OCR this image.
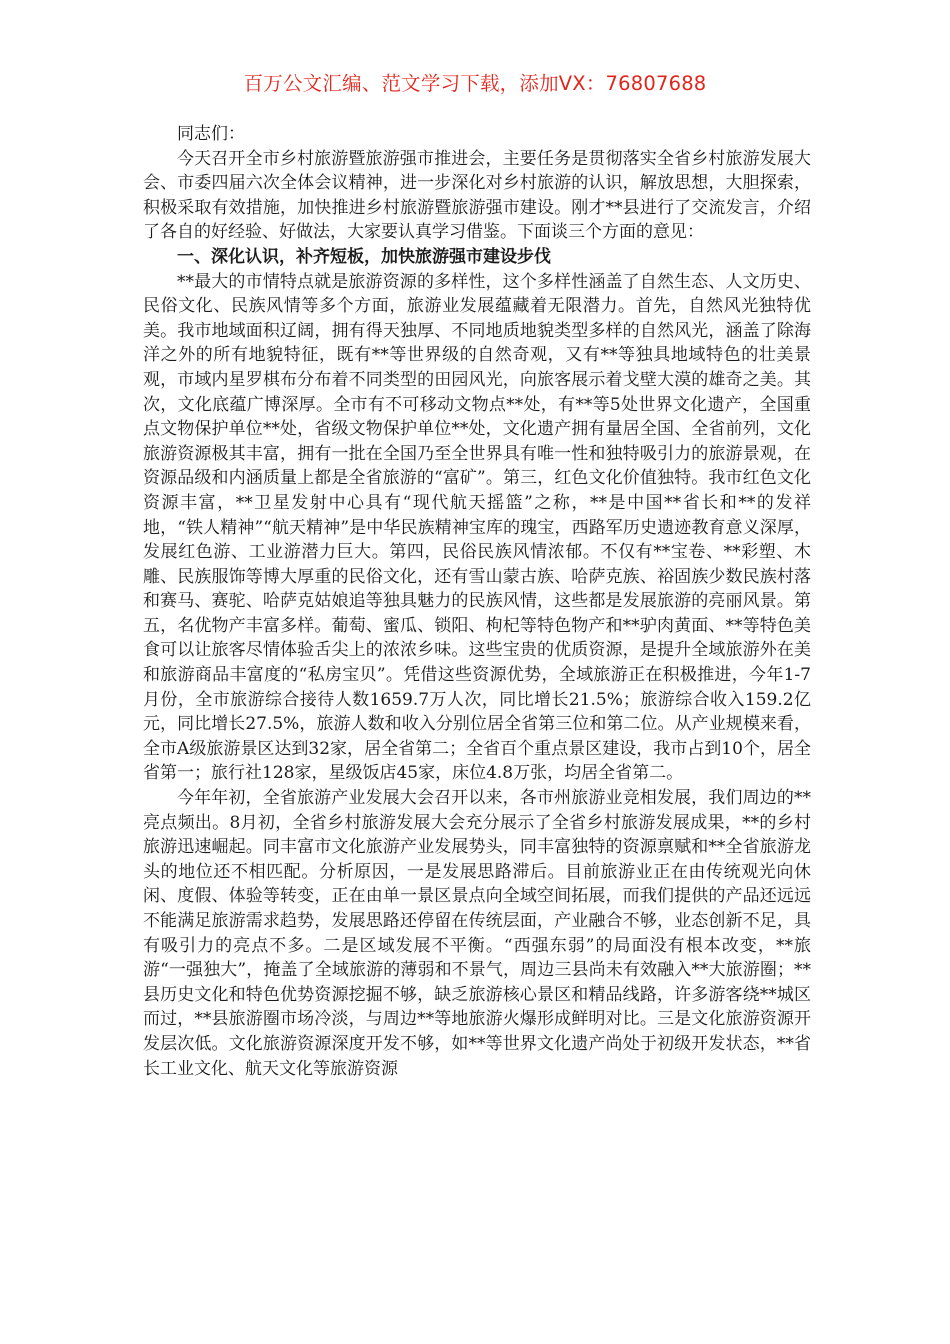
百万公文汇编、范文学习下载，添加VX：76807688

同志们：

今天召开全市乡村旅游暨旅游强市推进会，主要任务是贯彻落实全省乡村旅游发展大会、市委四届六次全体会议精神，进一步深化对乡村旅游的认识，解放思想，大胆探索，积极采取有效措施，加快推进乡村旅游暨旅游强市建设。刚才**县进行了交流发言，介绍了各自的好经验、好做法，大家要认真学习借鉴。下面谈三个方面的意见：

一、深化认识，补齐短板，加快旅游强市建设步伐

**最大的市情特点就是旅游资源的多样性，这个多样性涵盖了自然生态、人文历史、民俗文化、民族风情等多个方面，旅游业发展蕴藏着无限潜力。首先，自然风光独特优美。我市地域面积辽阔，拥有得天独厚、不同地质地貌类型多样的自然风光，涵盖了除海洋之外的所有地貌特征，既有**等世界级的自然奇观，又有**等独具地域特色的壮美景观，市域内星罗棋布分布着不同类型的田园风光，向旅客展示着戈壁大漠的雄奇之美。其次，文化底蕴广博深厚。全市有不可移动文物点**处，有**等5处世界文化遗产，全国重点文物保护单位**处，省级文物保护单位**处，文化遗产拥有量居全国、全省前列，文化旅游资源极其丰富，拥有一批在全国乃至全世界具有唯一性和独特吸引力的旅游景观，在资源品级和内涵质量上都是全省旅游的“富矿”。第三，红色文化价值独特。我市红色文化资源丰富，**卫星发射中心具有“现代航天摇篮”之称，**是中国**省长和**的发祥地，“铁人精神”“航天精神”是中华民族精神宝库的瑰宝，西路军历史遗迹教育意义深厚，发展红色游、工业游潜力巨大。第四，民俗民族风情浓郁。不仅有**宝卷、**彩塑、木雕、民族服饰等博大厚重的民俗文化，还有雪山蒙古族、哈萨克族、裕固族少数民族村落和赛马、赛驼、哈萨克姑娘追等独具魅力的民族风情，这些都是发展旅游的亮丽风景。第五，名优物产丰富多样。葡萄、蜜瓜、锁阳、枸杞等特色物产和**驴肉黄面、**等特色美食可以让旅客尽情体验舌尖上的浓浓乡味。这些宝贵的优质资源，是提升全域旅游外在美和旅游商品丰富度的“私房宝贝”。凭借这些资源优势，全域旅游正在积极推进，今年1-7月份，全市旅游综合接待人数1659.7万人次，同比增长21.5%；旅游综合收入159.2亿元，同比增长27.5%，旅游人数和收入分别位居全省第三位和第二位。从产业规模来看，全市A级旅游景区达到32家，居全省第二；全省百个重点景区建设，我市占到10个，居全省第一；旅行社128家，星级饭店45家，床位4.8万张，均居全省第二。

今年年初，全省旅游产业发展大会召开以来，各市州旅游业竞相发展，我们周边的**亮点频出。8月初，全省乡村旅游发展大会充分展示了全省乡村旅游发展成果，**的乡村旅游迅速崛起。同丰富市文化旅游产业发展势头，同丰富独特的资源禀赋和**全省旅游龙头的地位还不相匹配。分析原因，一是发展思路滞后。目前旅游业正在由传统观光向休闲、度假、体验等转变，正在由单一景区景点向全域空间拓展，而我们提供的产品还远远不能满足旅游需求趋势，发展思路还停留在传统层面，产业融合不够，业态创新不足，具有吸引力的亮点不多。二是区域发展不平衡。“西强东弱”的局面没有根本改变，**旅游“一强独大”，掩盖了全域旅游的薄弱和不景气，周边三县尚未有效融入**大旅游圈；**县历史文化和特色优势资源挖掘不够，缺乏旅游核心景区和精品线路，许多游客绕**城区而过，**县旅游圈市场冷淡，与周边**等地旅游火爆形成鲜明对比。三是文化旅游资源开发层次低。文化旅游资源深度开发不够，如**等世界文化遗产尚处于初级开发状态，**省长工业文化、航天文化等旅游资源
